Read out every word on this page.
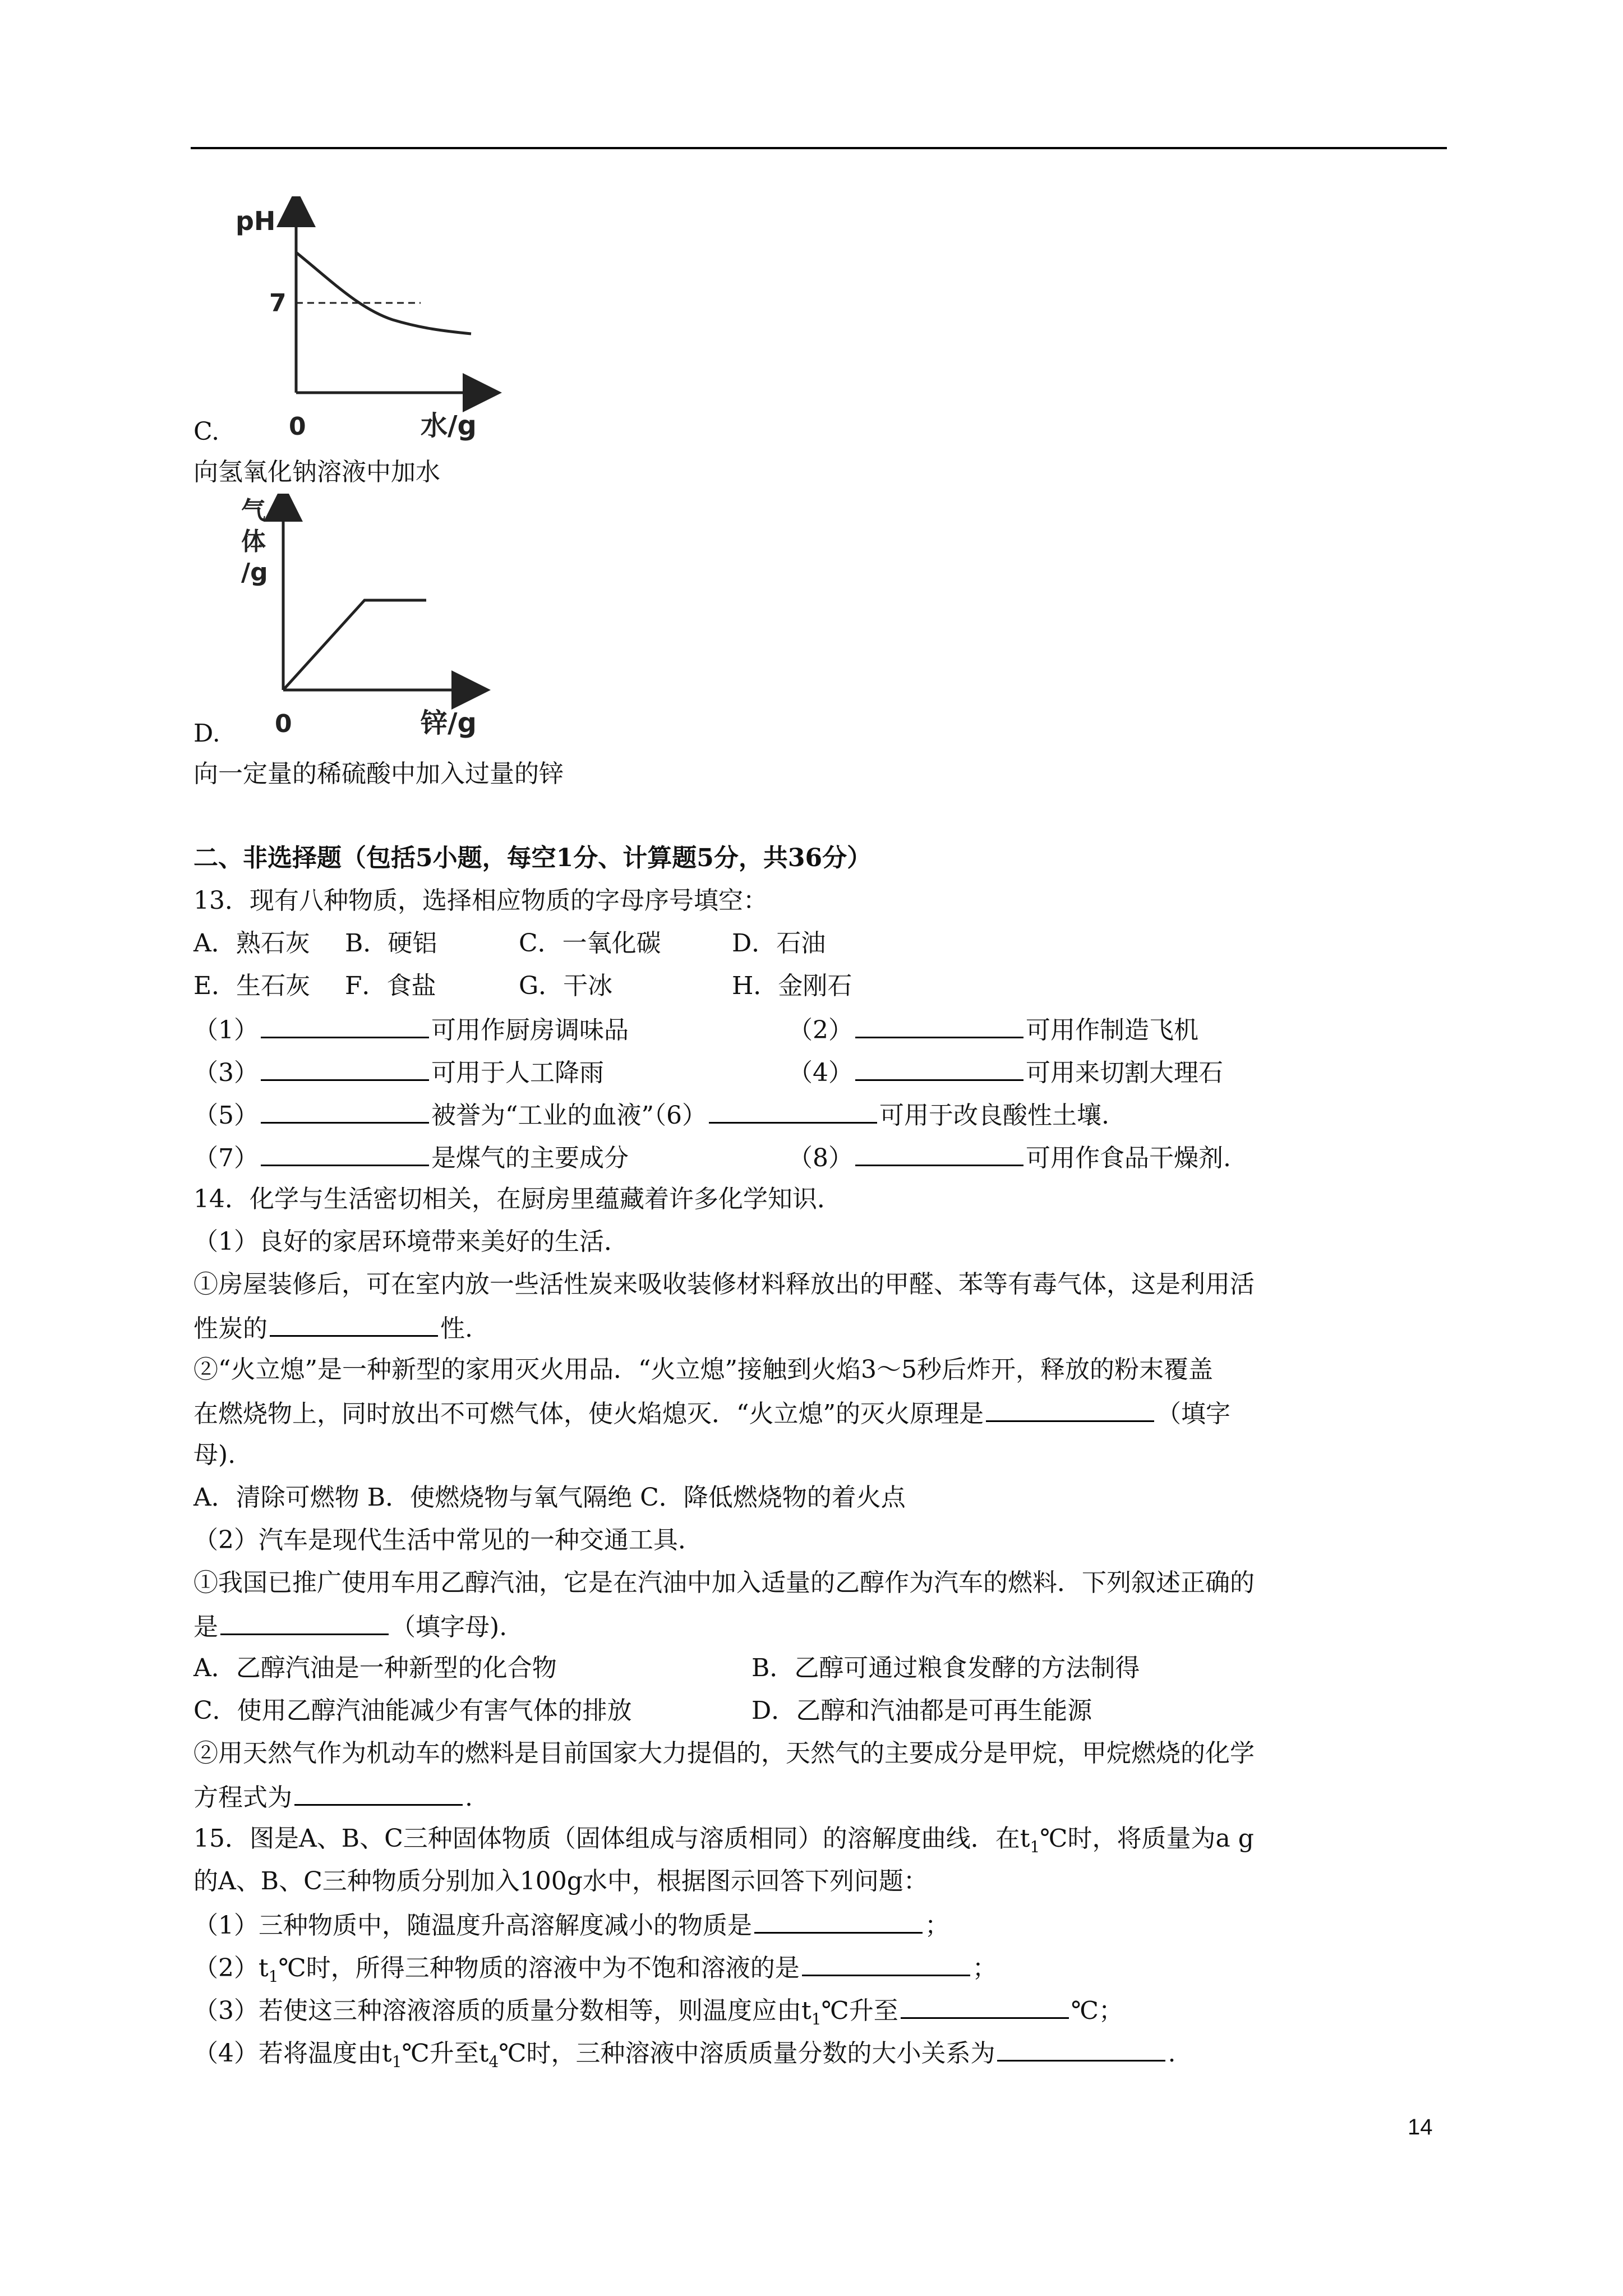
pH
7
0	水/g
C.
向氢氧化钠溶液中加水
气
体
/g
0	锌/g
D.
向一定量的稀硫酸中加入过量的锌
二、非选择题（包括5小题，每空1分、计算题5分，共36分）
13．现有八种物质，选择相应物质的字母序号填空：
A．熟石灰 B．硬铝	C．一氧化碳	D．石油
E．生石灰 F．食盐	G．干冰	H．金刚石
（1）	可用作厨房调味品	（2）	可用作制造飞机
（3）	可用于人工降雨	（4）	可用来切割大理石
（5）	被誉为“工业的血液”（6）	可用于改良酸性土壤.
（7）	是煤气的主要成分	（8）	可用作食品干燥剂.
14．化学与生活密切相关，在厨房里蕴藏着许多化学知识．
（1）良好的家居环境带来美好的生活．
①房屋装修后，可在室内放一些活性炭来吸收装修材料释放出的甲醛、苯等有毒气体，这是利用活
性炭的	性.
②“火立熄”是一种新型的家用灭火用品．“火立熄”接触到火焰3～5秒后炸开，释放的粉末覆盖
在燃烧物上，同时放出不可燃气体，使火焰熄灭．“火立熄”的灭火原理是	（填字
母).
A．清除可燃物 B．使燃烧物与氧气隔绝 C．降低燃烧物的着火点
（2）汽车是现代生活中常见的一种交通工具．
①我国已推广使用车用乙醇汽油，它是在汽油中加入适量的乙醇作为汽车的燃料．下列叙述正确的
是	（填字母).
A．乙醇汽油是一种新型的化合物	B．乙醇可通过粮食发酵的方法制得
C．使用乙醇汽油能减少有害气体的排放	D．乙醇和汽油都是可再生能源
②用天然气作为机动车的燃料是目前国家大力提倡的，天然气的主要成分是甲烷，甲烷燃烧的化学
方程式为	.
15．图是A、B、C三种固体物质（固体组成与溶质相同）的溶解度曲线．在$t_1℃$时，将质量为a g
的A、B、C三种物质分别加入100g水中，根据图示回答下列问题：
（1）三种物质中，随温度升高溶解度减小的物质是	；
$(2)t_1℃$时，所得三种物质的溶液中为不饱和溶液的是	；
（3）若使这三种溶液溶质的质量分数相等，则温度应由$t_1℃$升至	℃；
（4）若将温度由$t_1℃$升至$t_4℃$时，三种溶液中溶质质量分数的大小关系为	.
14
